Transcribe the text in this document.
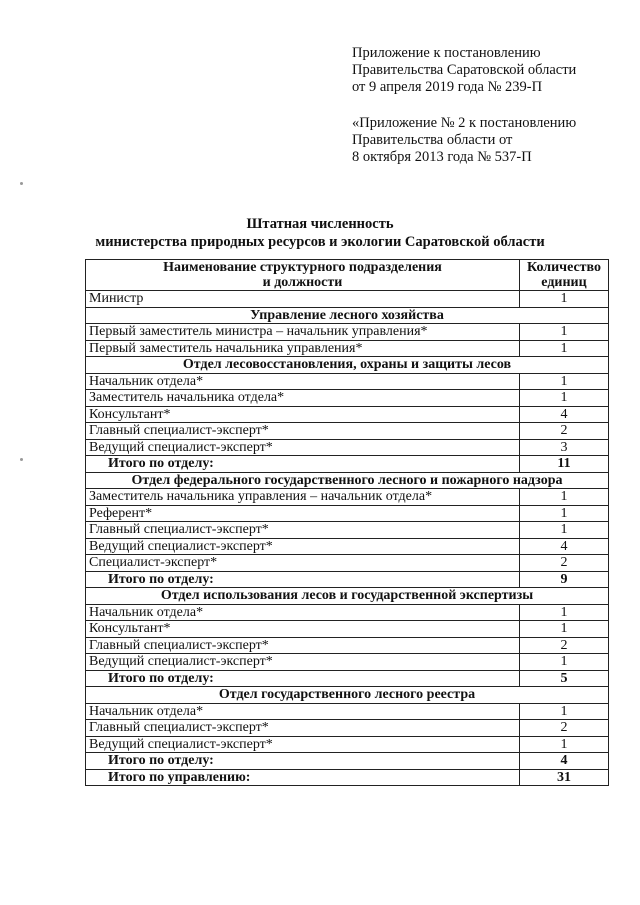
Приложение к постановлению
Правительства Саратовской области
от 9 апреля 2019 года № 239-П
«Приложение № 2 к постановлению
Правительства области от
8 октября 2013 года № 537-П
Штатная численность
министерства природных ресурсов и экологии Саратовской области
Наименование структурного подразделения
и должности	Количество
единиц
Министр	1
Управление лесного хозяйства	
Первый заместитель министра – начальник управления*	1
Первый заместитель начальника управления*	1
Отдел лесовосстановления, охраны и защиты лесов	
Начальник отдела*	1
Заместитель начальника отдела*	1
Консультант*	4
Главный специалист-эксперт*	2
Ведущий специалист-эксперт*	3
Итого по отделу:	11
Отдел федерального государственного лесного и пожарного надзора	
Заместитель начальника управления – начальник отдела*	1
Референт*	1
Главный специалист-эксперт*	1
Ведущий специалист-эксперт*	4
Специалист-эксперт*	2
Итого по отделу:	9
Отдел использования лесов и государственной экспертизы	
Начальник отдела*	1
Консультант*	1
Главный специалист-эксперт*	2
Ведущий специалист-эксперт*	1
Итого по отделу:	5
Отдел государственного лесного реестра	
Начальник отдела*	1
Главный специалист-эксперт*	2
Ведущий специалист-эксперт*	1
Итого по отделу:	4
Итого по управлению:	31
